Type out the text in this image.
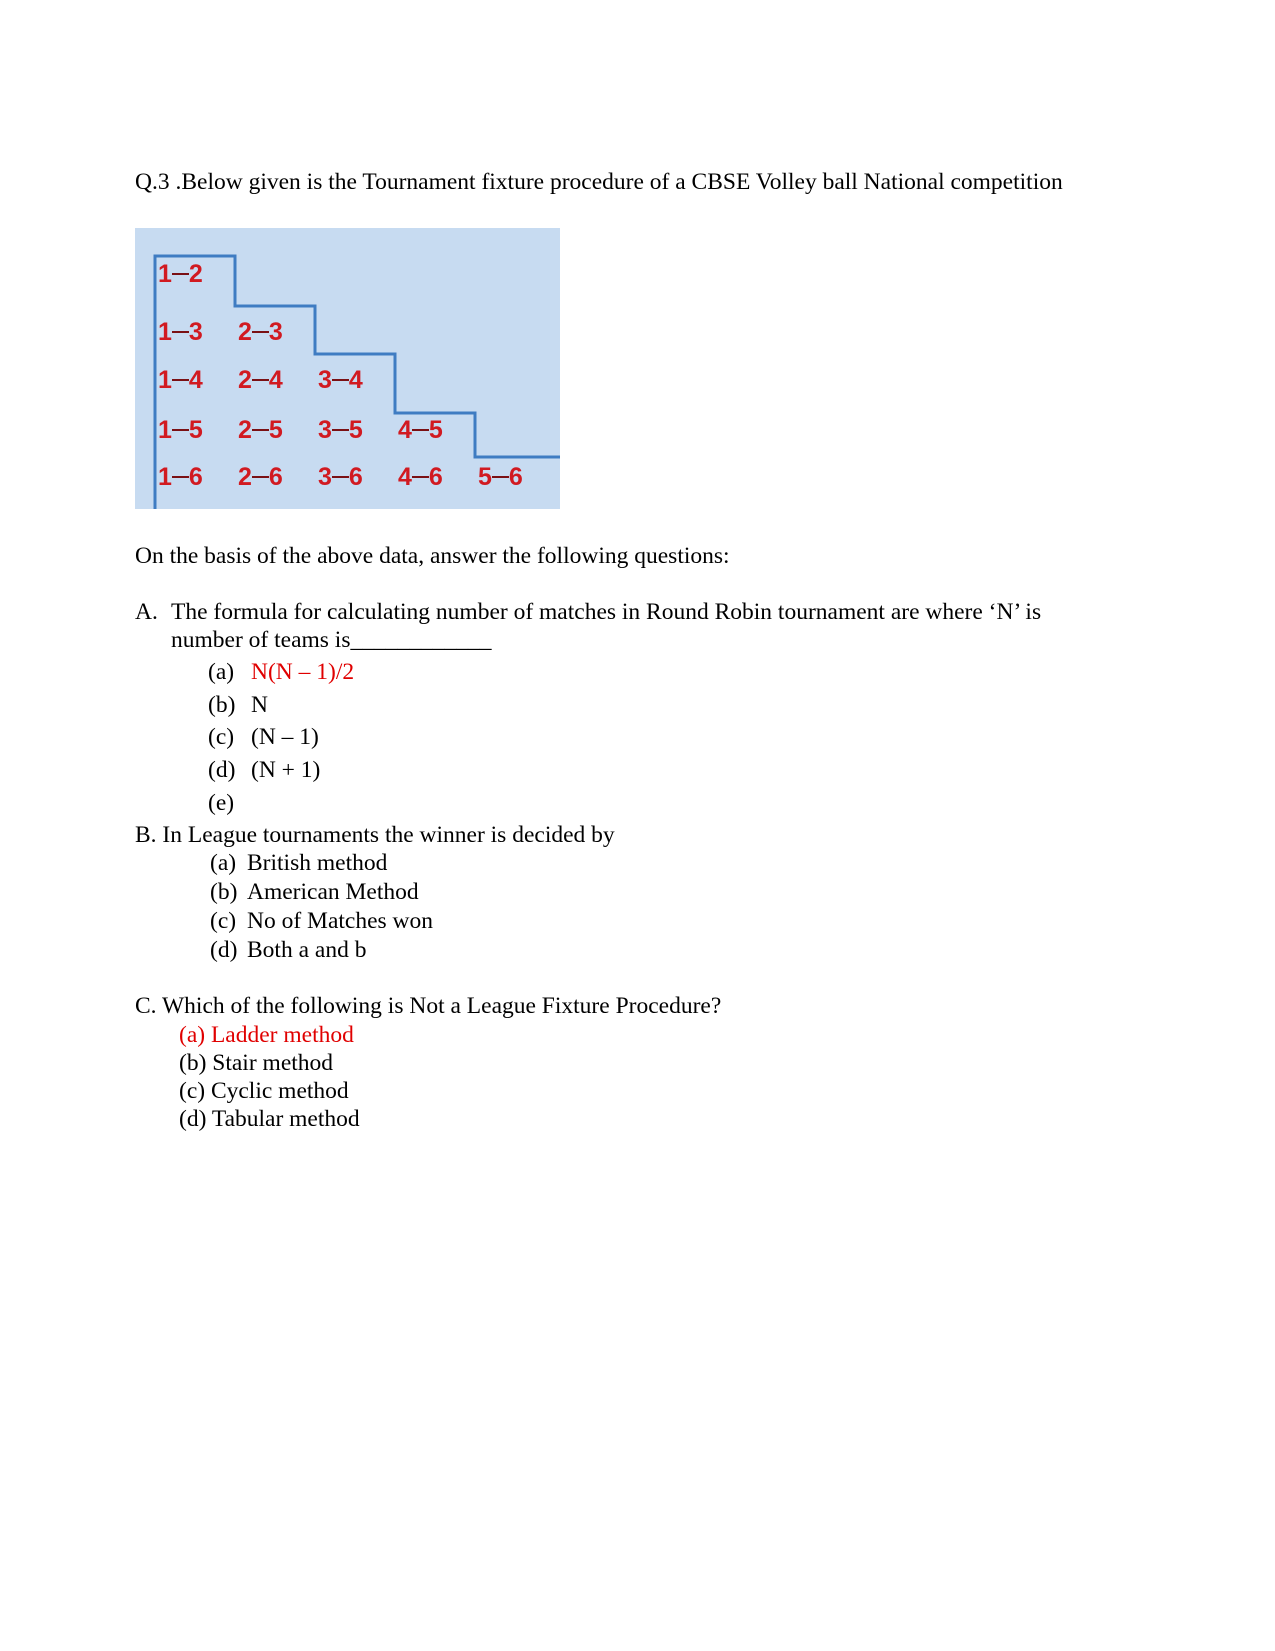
Q.3 .Below given is the Tournament fixture procedure of a CBSE Volley ball National competition
1 2
1 3 2 3
1 4 2 4 3 4
1 5 2 5 3 5 4 5
1 6 2 6 3 6 4 6 5 6
On the basis of the above data, answer the following questions:
A. The formula for calculating number of matches in Round Robin tournament are where ‘N’ is
number of teams is____________
(a) N(N – 1)/2
(b) N
(c) (N – 1)
(d) (N + 1)
(e)
B. In League tournaments the winner is decided by
(a) British method
(b) American Method
(c) No of Matches won
(d) Both a and b
C. Which of the following is Not a League Fixture Procedure?
(a) Ladder method
(b) Stair method
(c) Cyclic method
(d) Tabular method
